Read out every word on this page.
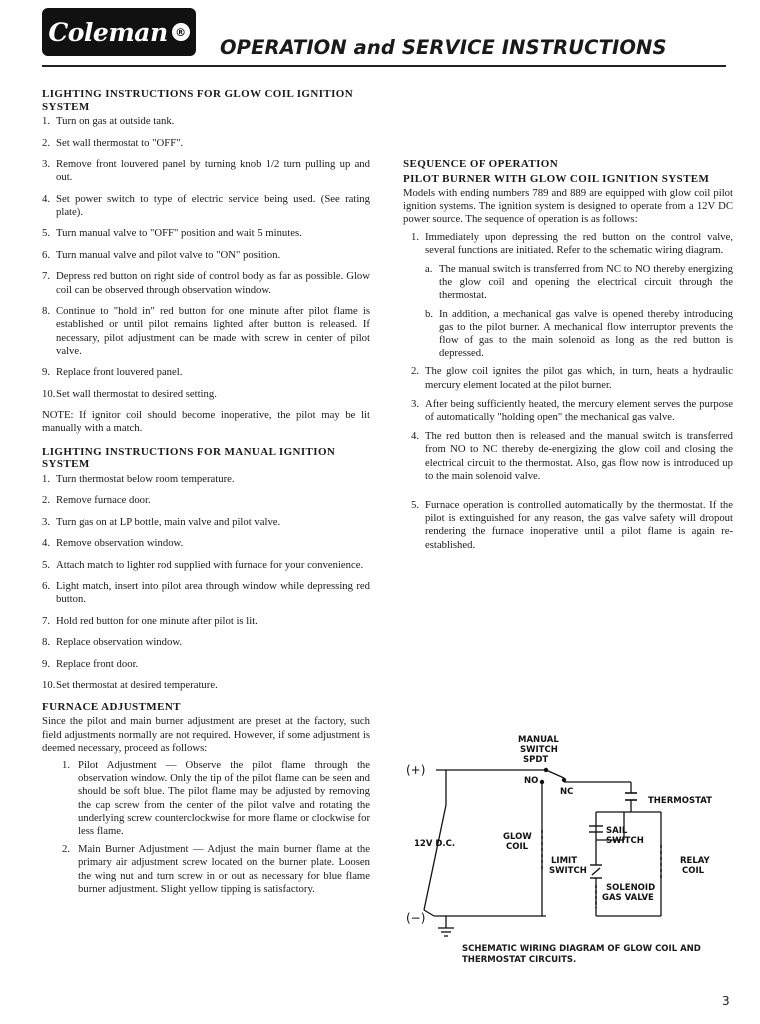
Coleman ®
OPERATION and SERVICE INSTRUCTIONS
LIGHTING INSTRUCTIONS FOR GLOW COIL IGNITION SYSTEM
1. Turn on gas at outside tank.
2. Set wall thermostat to "OFF".
3. Remove front louvered panel by turning knob 1/2 turn pulling up and out.
4. Set power switch to type of electric service being used. (See rating plate).
5. Turn manual valve to "OFF" position and wait 5 minutes.
6. Turn manual valve and pilot valve to "ON" position.
7. Depress red button on right side of control body as far as possible. Glow coil can be observed through observation window.
8. Continue to "hold in" red button for one minute after pilot flame is established or until pilot remains lighted after button is released. If necessary, pilot adjustment can be made with screw in center of pilot valve.
9. Replace front louvered panel.
10. Set wall thermostat to desired setting.
NOTE: If ignitor coil should become inoperative, the pilot may be lit manually with a match.
LIGHTING INSTRUCTIONS FOR MANUAL IGNITION SYSTEM
1. Turn thermostat below room temperature.
2. Remove furnace door.
3. Turn gas on at LP bottle, main valve and pilot valve.
4. Remove observation window.
5. Attach match to lighter rod supplied with furnace for your convenience.
6. Light match, insert into pilot area through window while depressing red button.
7. Hold red button for one minute after pilot is lit.
8. Replace observation window.
9. Replace front door.
10. Set thermostat at desired temperature.
FURNACE ADJUSTMENT
Since the pilot and main burner adjustment are preset at the factory, such field adjustments normally are not required. However, if some adjustment is deemed necessary, proceed as follows:
1. Pilot Adjustment — Observe the pilot flame through the observation window. Only the tip of the pilot flame can be seen and should be soft blue. The pilot flame may be adjusted by removing the cap screw from the center of the pilot valve and rotating the underlying screw counterclockwise for more flame or clockwise for less flame.
2. Main Burner Adjustment — Adjust the main burner flame at the primary air adjustment screw located on the burner plate. Loosen the wing nut and turn screw in or out as necessary for blue flame burner adjustment. Slight yellow tipping is satisfactory.
SEQUENCE OF OPERATION
PILOT BURNER WITH GLOW COIL IGNITION SYSTEM
Models with ending numbers 789 and 889 are equipped with glow coil pilot ignition systems. The ignition system is designed to operate from a 12V DC power source. The sequence of operation is as follows:
1. Immediately upon depressing the red button on the control valve, several functions are initiated. Refer to the schematic wiring diagram.
a. The manual switch is transferred from NC to NO thereby energizing the glow coil and opening the electrical circuit through the thermostat.
b. In addition, a mechanical gas valve is opened thereby introducing gas to the pilot burner. A mechanical flow interruptor prevents the flow of gas to the main solenoid as long as the red button is depressed.
2. The glow coil ignites the pilot gas which, in turn, heats a hydraulic mercury element located at the pilot burner.
3. After being sufficiently heated, the mercury element serves the purpose of automatically "holding open" the mechanical gas valve.
4. The red button then is released and the manual switch is transferred from NO to NC thereby de-energizing the glow coil and closing the electrical circuit to the thermostat. Also, gas flow now is introduced up to the main solenoid valve.
5. Furnace operation is controlled automatically by the thermostat. If the pilot is extinguished for any reason, the gas valve safety will dropout rendering the furnace inoperative until a pilot flame is again re-established.
(+)
(−)
12V D.C.
MANUAL
SWITCH
SPDT
NO
NC
THERMOSTAT
GLOW
COIL
SAIL
SWITCH
LIMIT
SWITCH
RELAY
COIL
SOLENOID
GAS VALVE
SCHEMATIC WIRING DIAGRAM OF GLOW COIL AND THERMOSTAT CIRCUITS.
3
